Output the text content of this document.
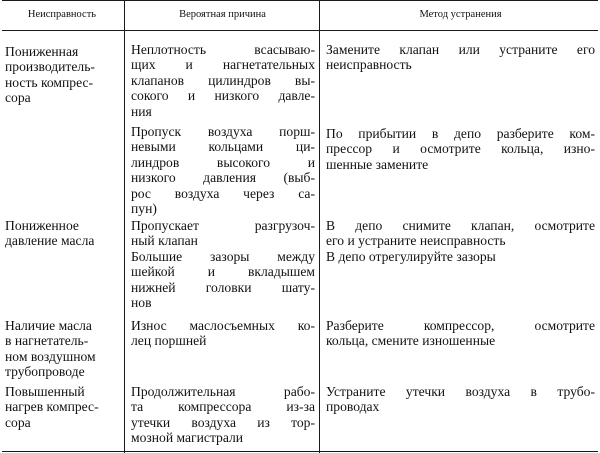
Неисправность	Вероятная причина	Метод устранения
Пониженная
производитель-
ность компрес-
сора
Неплотность всасываю-
щих и нагнетательных
клапанов цилиндров вы-
сокого и низкого давле-
ния
Пропуск воздуха порш-
невыми кольцами ци-
линдров высокого и
низкого давления (выб-
рос воздуха через са-
пун)
Замените клапан или устраните его
неисправность
По прибытии в депо разберите ком-
прессор и осмотрите кольца, изно-
шенные замените
Пониженное
давление масла
Пропускает разгрузоч-
ный клапан
Большие зазоры между
шейкой и вкладышем
нижней головки шату-
нов
В депо снимите клапан, осмотрите
его и устраните неисправность
В депо отрегулируйте зазоры
Наличие масла
в нагнетатель-
ном воздушном
трубопроводе
Износ маслосъемных ко-
лец поршней
Разберите компрессор, осмотрите
кольца, смените изношенные
Повышенный
нагрев компрес-
сора
Продолжительная рабо-
та компрессора из-за
утечки воздуха из тор-
мозной магистрали
Устраните утечки воздуха в трубо-
проводах
